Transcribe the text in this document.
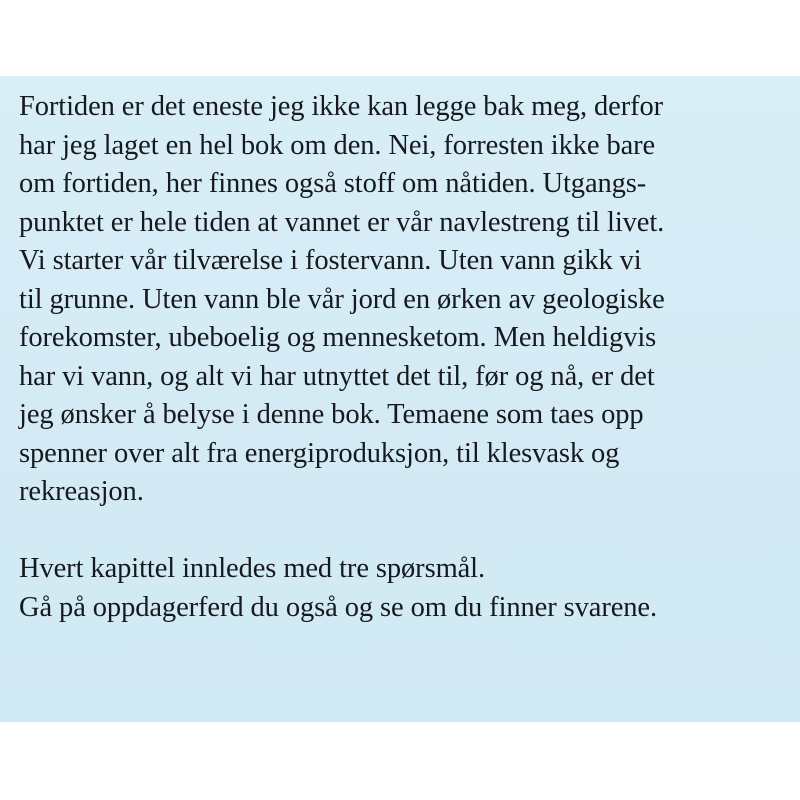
Fortiden er det eneste jeg ikke kan legge bak meg, derfor
har jeg laget en hel bok om den. Nei, forresten ikke bare
om fortiden, her finnes også stoff om nåtiden. Utgangs-
punktet er hele tiden at vannet er vår navlestreng til livet.
Vi starter vår tilværelse i fostervann. Uten vann gikk vi
til grunne. Uten vann ble vår jord en ørken av geologiske
forekomster, ubeboelig og mennesketom. Men heldigvis
har vi vann, og alt vi har utnyttet det til, før og nå, er det
jeg ønsker å belyse i denne bok. Temaene som taes opp
spenner over alt fra energiproduksjon, til klesvask og
rekreasjon.
Hvert kapittel innledes med tre spørsmål.
Gå på oppdagerferd du også og se om du finner svarene.
